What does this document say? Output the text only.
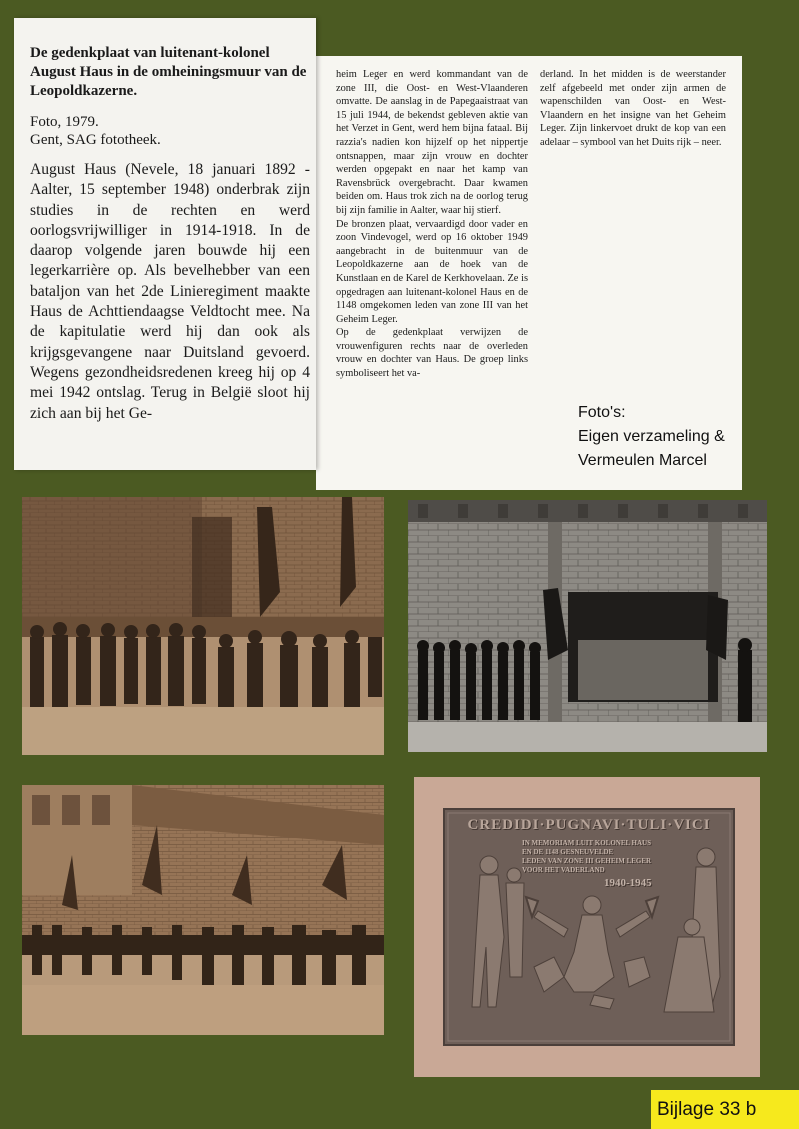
De gedenkplaat van luitenant-kolonel August Haus in de omheiningsmuur van de Leopoldkazerne.

Foto, 1979.
Gent, SAG fototheek.

August Haus (Nevele, 18 januari 1892 - Aalter, 15 september 1948) onderbrak zijn studies in de rechten en werd oorlogsvrijwilliger in 1914-1918. In de daarop volgende jaren bouwde hij een legerkarrière op. Als bevelhebber van een bataljon van het 2de Linieregiment maakte Haus de Achttiendaagse Veldtocht mee. Na de kapitulatie werd hij dan ook als krijgsgevangene naar Duitsland gevoerd. Wegens gezondheidsredenen kreeg hij op 4 mei 1942 ontslag. Terug in België sloot hij zich aan bij het Ge-

heim Leger en werd kommandant van de zone III, die Oost- en West-Vlaanderen omvatte. De aanslag in de Papegaaistraat van 15 juli 1944, de bekendst gebleven aktie van het Verzet in Gent, werd hem bijna fataal. Bij razzia's nadien kon hijzelf op het nippertje ontsnappen, maar zijn vrouw en dochter werden opgepakt en naar het kamp van Ravensbrück overgebracht. Daar kwamen beiden om. Haus trok zich na de oorlog terug bij zijn familie in Aalter, waar hij stierf.

De bronzen plaat, vervaardigd door vader en zoon Vindevogel, werd op 16 oktober 1949 aangebracht in de buitenmuur van de Leopoldkazerne aan de hoek van de Kunstlaan en de Karel de Kerkhovelaan. Ze is opgedragen aan luitenant-kolonel Haus en de 1148 omgekomen leden van zone III van het Geheim Leger.

Op de gedenkplaat verwijzen de vrouwenfiguren rechts naar de overleden vrouw en dochter van Haus. De groep links symboliseert het va-

derland. In het midden is de weerstander zelf afgebeeld met onder zijn armen de wapenschilden van Oost- en West-Vlaandern en het insigne van het Geheim Leger. Zijn linkervoet drukt de kop van een adelaar – symbool van het Duits rijk – neer.

Foto's:
Eigen verzameling &
Vermeulen Marcel
CREDIDI·PUGNAVI·TULI·VICI
IN MEMORIAM LUIT KOLONEL HAUS
EN DE 1148 GESNEUVELDE
LEDEN VAN ZONE III GEHEIM LEGER
VOOR HET VADERLAND
1940-1945
Bijlage 33 b
